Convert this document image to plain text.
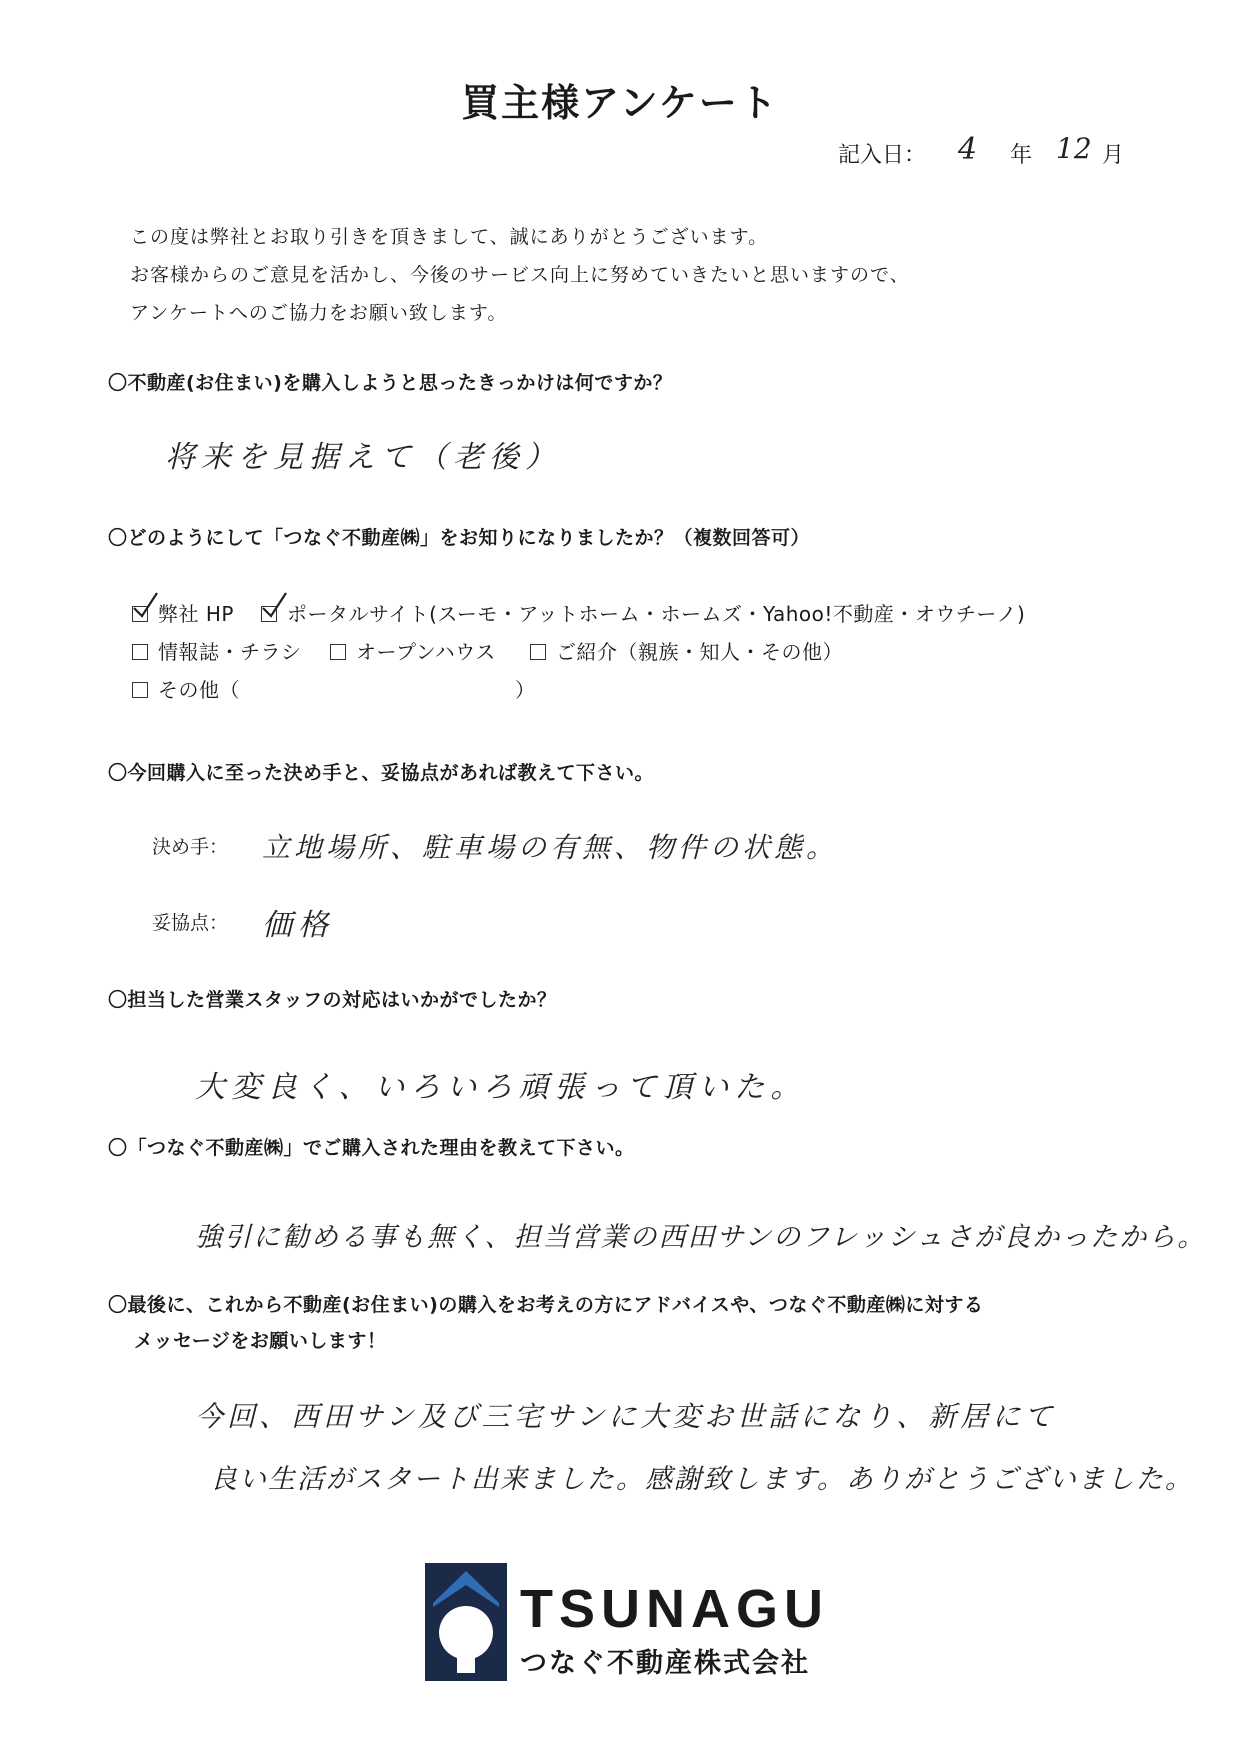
買主様アンケート
記入日： 4 年 12 月
この度は弊社とお取り引きを頂きまして、誠にありがとうございます。
お客様からのご意見を活かし、今後のサービス向上に努めていきたいと思いますので、
アンケートへのご協力をお願い致します。
〇不動産(お住まい)を購入しようと思ったきっかけは何ですか？
将来を見据えて（老後）
〇どのようにして「つなぐ不動産㈱」をお知りになりましたか？（複数回答可）
弊社 HP	ポータルサイト(スーモ・アットホーム・ホームズ・Yahoo!不動産・オウチーノ)
情報誌・チラシ	オープンハウス	ご紹介（親族・知人・その他）
その他（	）
〇今回購入に至った決め手と、妥協点があれば教えて下さい。
決め手： 立地場所、駐車場の有無、物件の状態。
妥協点： 価格
〇担当した営業スタッフの対応はいかがでしたか？
大変良く、いろいろ頑張って頂いた。
〇「つなぐ不動産㈱」でご購入された理由を教えて下さい。
強引に勧める事も無く、担当営業の西田サンのフレッシュさが良かったから。
〇最後に、これから不動産(お住まい)の購入をお考えの方にアドバイスや、つなぐ不動産㈱に対する
メッセージをお願いします！
今回、西田サン及び三宅サンに大変お世話になり、新居にて
良い生活がスタート出来ました。感謝致します。ありがとうございました。
TSUNAGU
つなぐ不動産株式会社
